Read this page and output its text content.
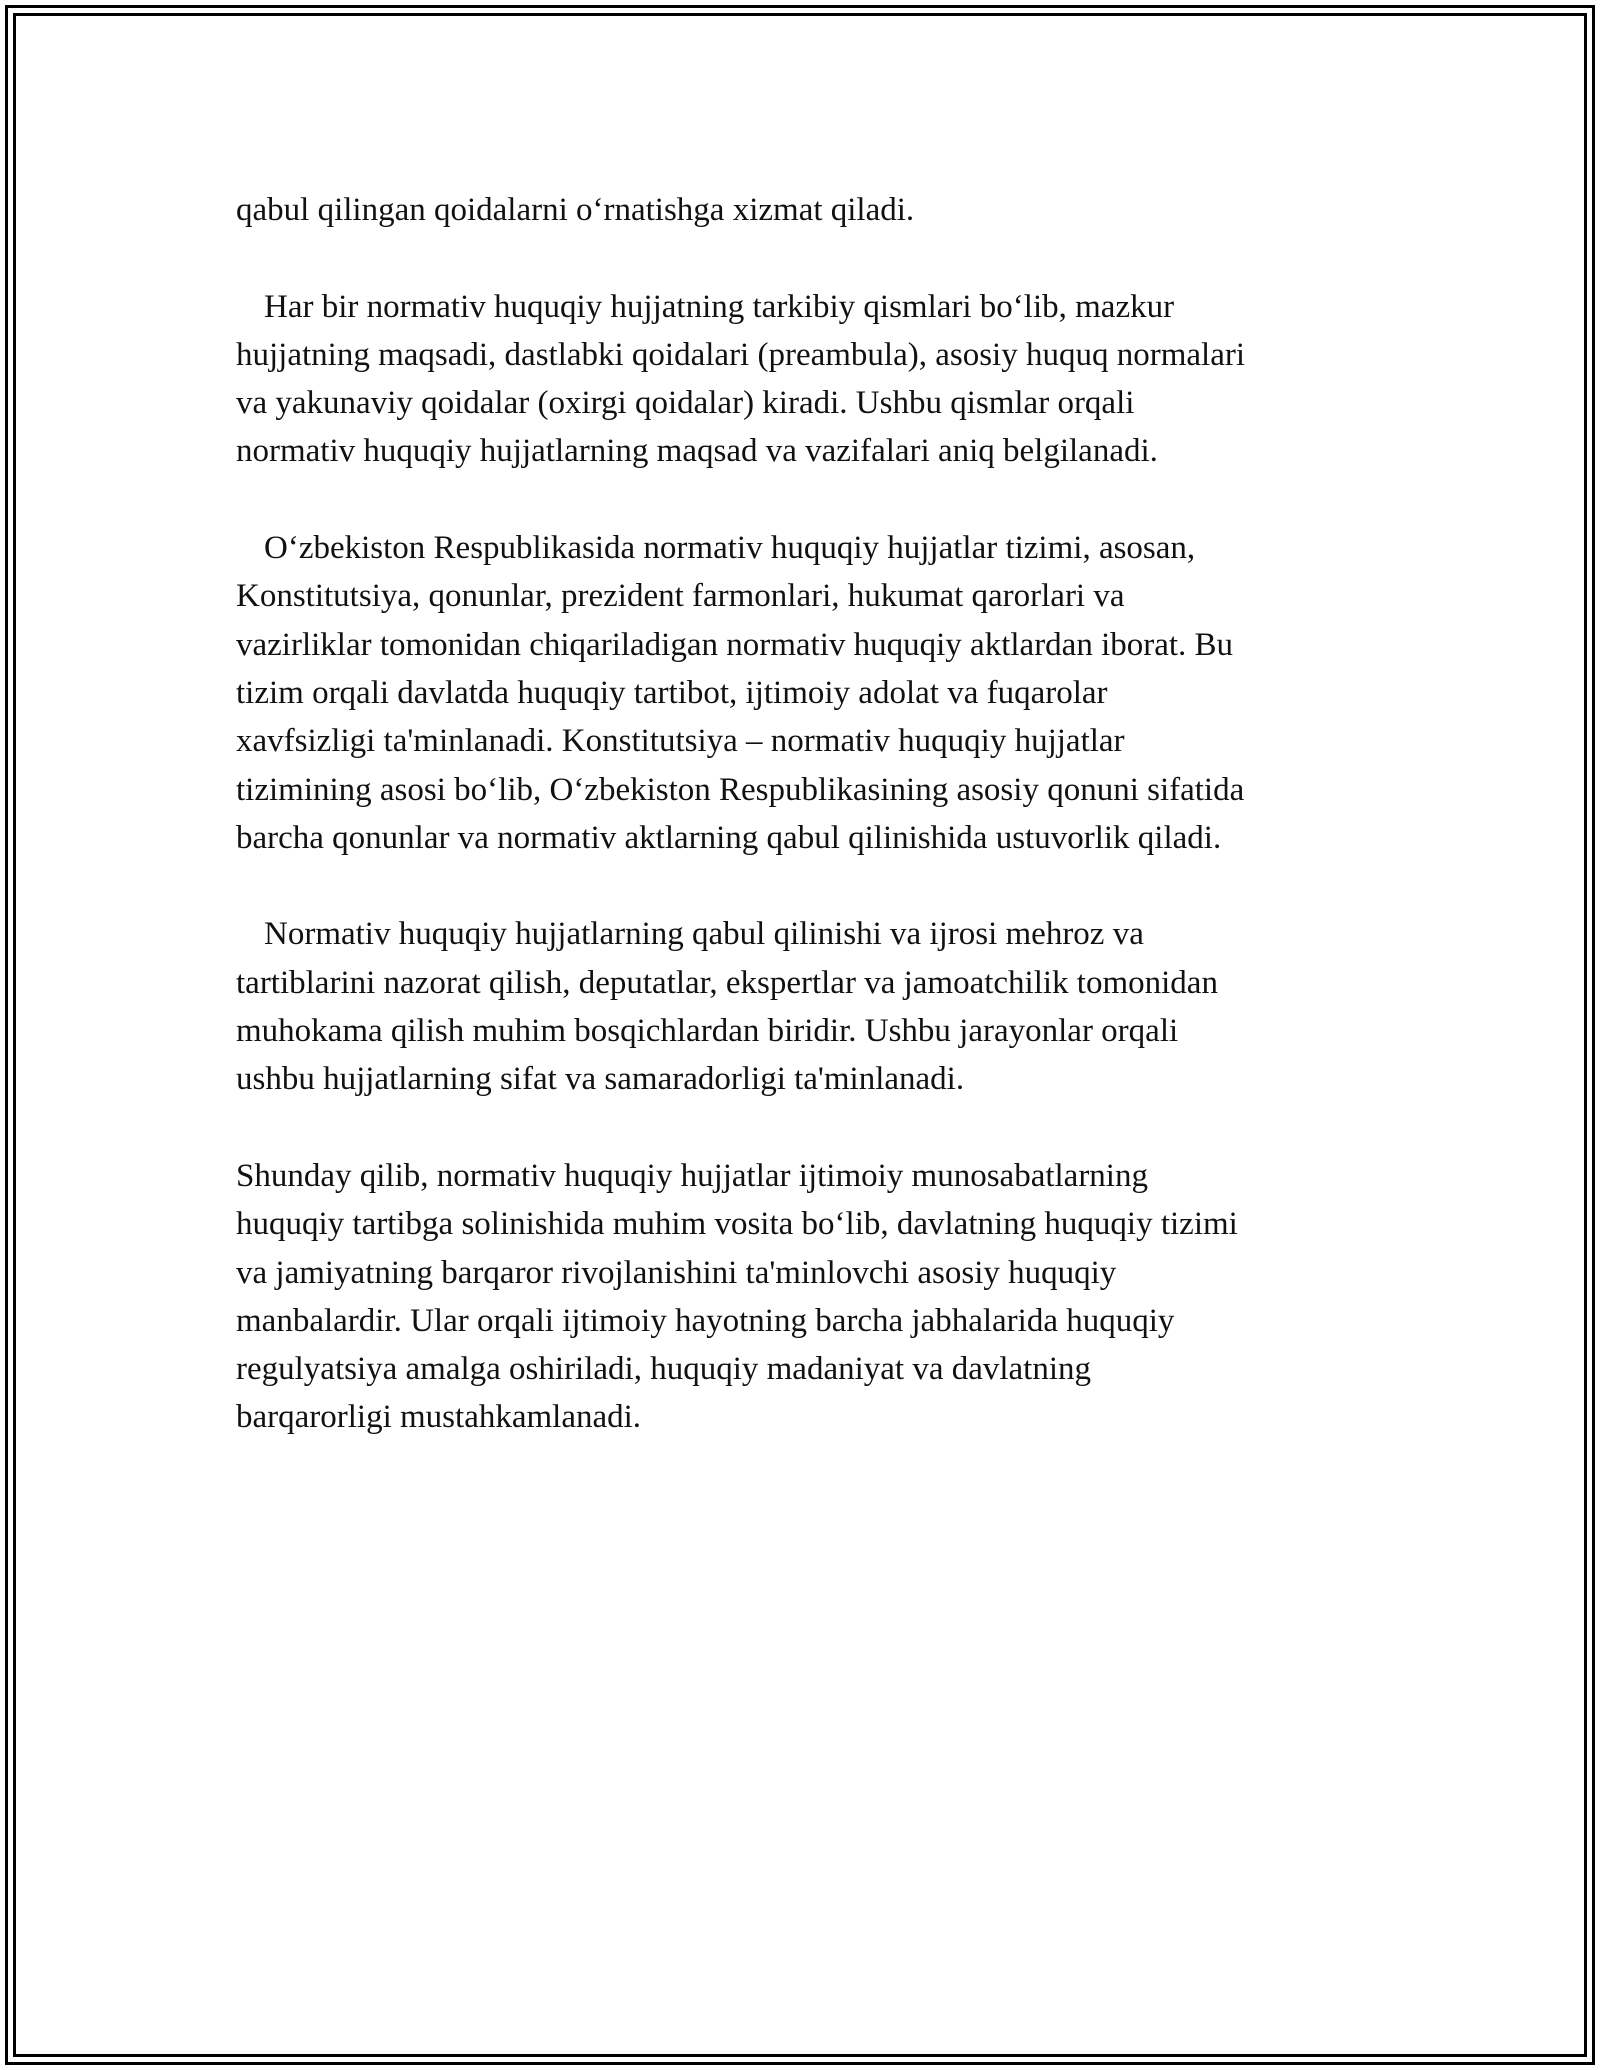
qabul qilingan qoidalarni o‘rnatishga xizmat qiladi.

Har bir normativ huquqiy hujjatning tarkibiy qismlari bo‘lib, mazkur
hujjatning maqsadi, dastlabki qoidalari (preambula), asosiy huquq normalari
va yakunaviy qoidalar (oxirgi qoidalar) kiradi. Ushbu qismlar orqali
normativ huquqiy hujjatlarning maqsad va vazifalari aniq belgilanadi.

O‘zbekiston Respublikasida normativ huquqiy hujjatlar tizimi, asosan,
Konstitutsiya, qonunlar, prezident farmonlari, hukumat qarorlari va
vazirliklar tomonidan chiqariladigan normativ huquqiy aktlardan iborat. Bu
tizim orqali davlatda huquqiy tartibot, ijtimoiy adolat va fuqarolar
xavfsizligi ta'minlanadi. Konstitutsiya – normativ huquqiy hujjatlar
tizimining asosi bo‘lib, O‘zbekiston Respublikasining asosiy qonuni sifatida
barcha qonunlar va normativ aktlarning qabul qilinishida ustuvorlik qiladi.

Normativ huquqiy hujjatlarning qabul qilinishi va ijrosi mehroz va
tartiblarini nazorat qilish, deputatlar, ekspertlar va jamoatchilik tomonidan
muhokama qilish muhim bosqichlardan biridir. Ushbu jarayonlar orqali
ushbu hujjatlarning sifat va samaradorligi ta'minlanadi.

Shunday qilib, normativ huquqiy hujjatlar ijtimoiy munosabatlarning
huquqiy tartibga solinishida muhim vosita bo‘lib, davlatning huquqiy tizimi
va jamiyatning barqaror rivojlanishini ta'minlovchi asosiy huquqiy
manbalardir. Ular orqali ijtimoiy hayotning barcha jabhalarida huquqiy
regulyatsiya amalga oshiriladi, huquqiy madaniyat va davlatning
barqarorligi mustahkamlanadi.
